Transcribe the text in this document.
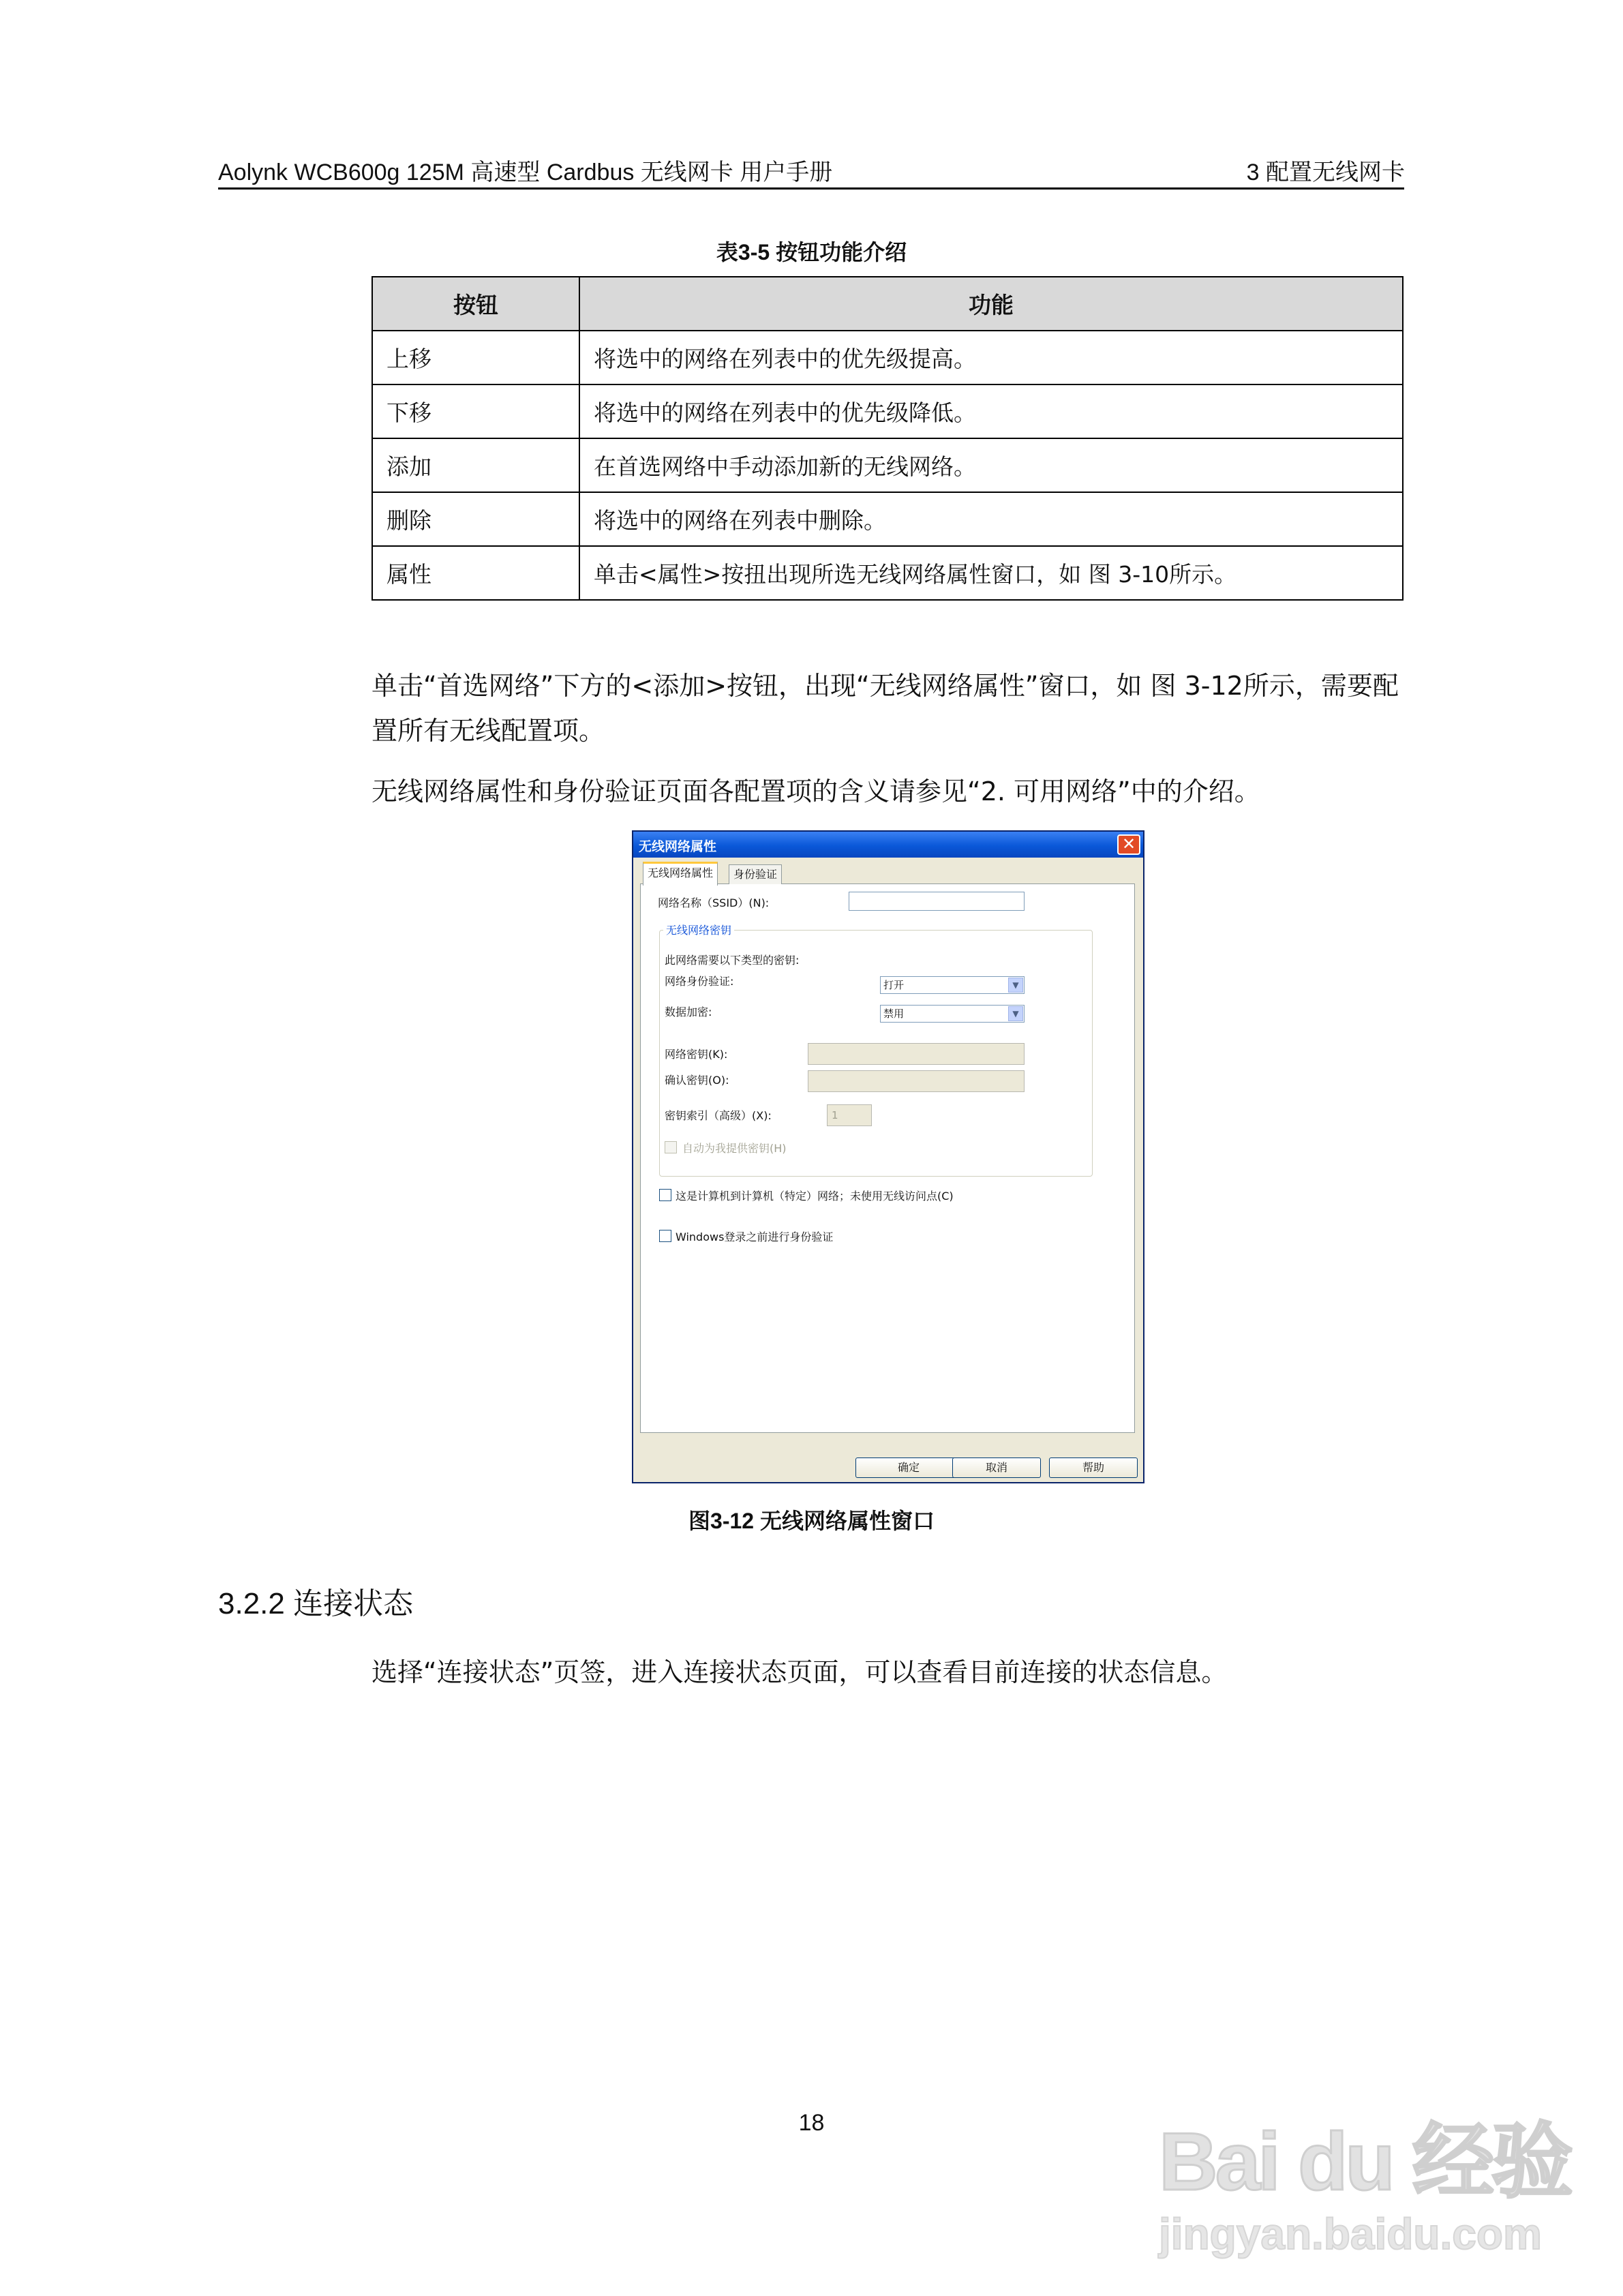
Aolynk WCB600g 125M 高速型 Cardbus 无线网卡 用户手册	3 配置无线网卡
表3-5 按钮功能介绍
按钮	功能
上移	将选中的网络在列表中的优先级提高。
下移	将选中的网络在列表中的优先级降低。
添加	在首选网络中手动添加新的无线网络。
删除	将选中的网络在列表中删除。
属性	单击<属性>按扭出现所选无线网络属性窗口，如 图 3-10所示。
单击“首选网络”下方的<添加>按钮，出现“无线网络属性”窗口，如 图 3-12所示，需要配置所有无线配置项。
无线网络属性和身份验证页面各配置项的含义请参见“2. 可用网络”中的介绍。
无线网络属性	✕
无线网络属性	身份验证
网络名称（SSID）(N):
无线网络密钥
此网络需要以下类型的密钥:
网络身份验证:	打开	▼
数据加密:	禁用	▼
网络密钥(K):
确认密钥(O):
密钥索引（高级）(X):	1
自动为我提供密钥(H)
这是计算机到计算机（特定）网络；未使用无线访问点(C)
Windows登录之前进行身份验证
确定	取消	帮助
图3-12 无线网络属性窗口
3.2.2 连接状态
选择“连接状态”页签，进入连接状态页面，可以查看目前连接的状态信息。
18	Bai du 经验
jingyan.baidu.com
